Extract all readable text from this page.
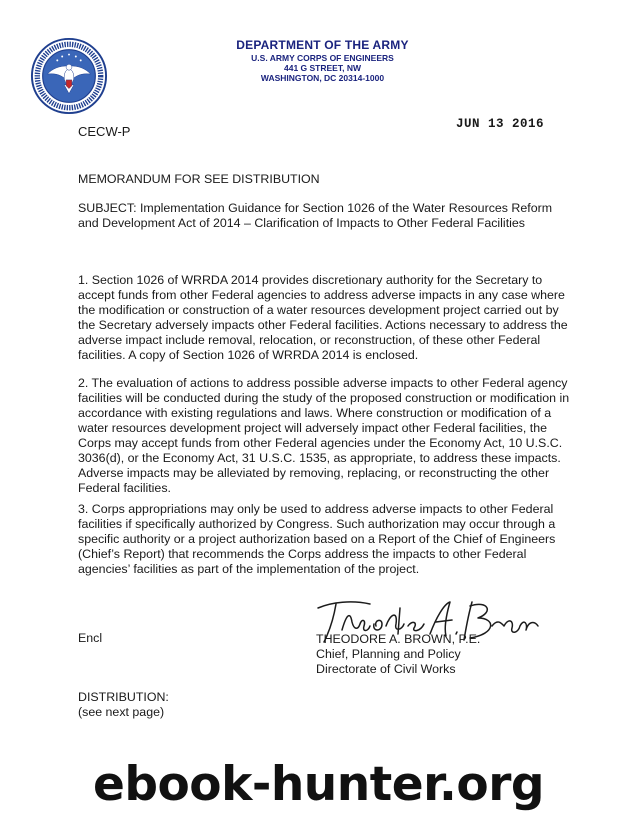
DEPARTMENT OF THE ARMY
U.S. ARMY CORPS OF ENGINEERS
441 G STREET, NW
WASHINGTON, DC 20314-1000
CECW-P	JUN 13 2016
MEMORANDUM FOR SEE DISTRIBUTION
SUBJECT: Implementation Guidance for Section 1026 of the Water Resources Reform and Development Act of 2014 – Clarification of Impacts to Other Federal Facilities
1. Section 1026 of WRRDA 2014 provides discretionary authority for the Secretary to accept funds from other Federal agencies to address adverse impacts in any case where the modification or construction of a water resources development project carried out by the Secretary adversely impacts other Federal facilities. Actions necessary to address the adverse impact include removal, relocation, or reconstruction, of these other Federal facilities. A copy of Section 1026 of WRRDA 2014 is enclosed.
2. The evaluation of actions to address possible adverse impacts to other Federal agency facilities will be conducted during the study of the proposed construction or modification in accordance with existing regulations and laws. Where construction or modification of a water resources development project will adversely impact other Federal facilities, the Corps may accept funds from other Federal agencies under the Economy Act, 10 U.S.C. 3036(d), or the Economy Act, 31 U.S.C. 1535, as appropriate, to address these impacts. Adverse impacts may be alleviated by removing, replacing, or reconstructing the other Federal facilities.
3. Corps appropriations may only be used to address adverse impacts to other Federal facilities if specifically authorized by Congress. Such authorization may occur through a specific authority or a project authorization based on a Report of the Chief of Engineers (Chief’s Report) that recommends the Corps address the impacts to other Federal agencies’ facilities as part of the implementation of the project.
Encl	THEODORE A. BROWN, P.E.
Chief, Planning and Policy
Directorate of Civil Works
DISTRIBUTION:
(see next page)
ebook-hunter.org
